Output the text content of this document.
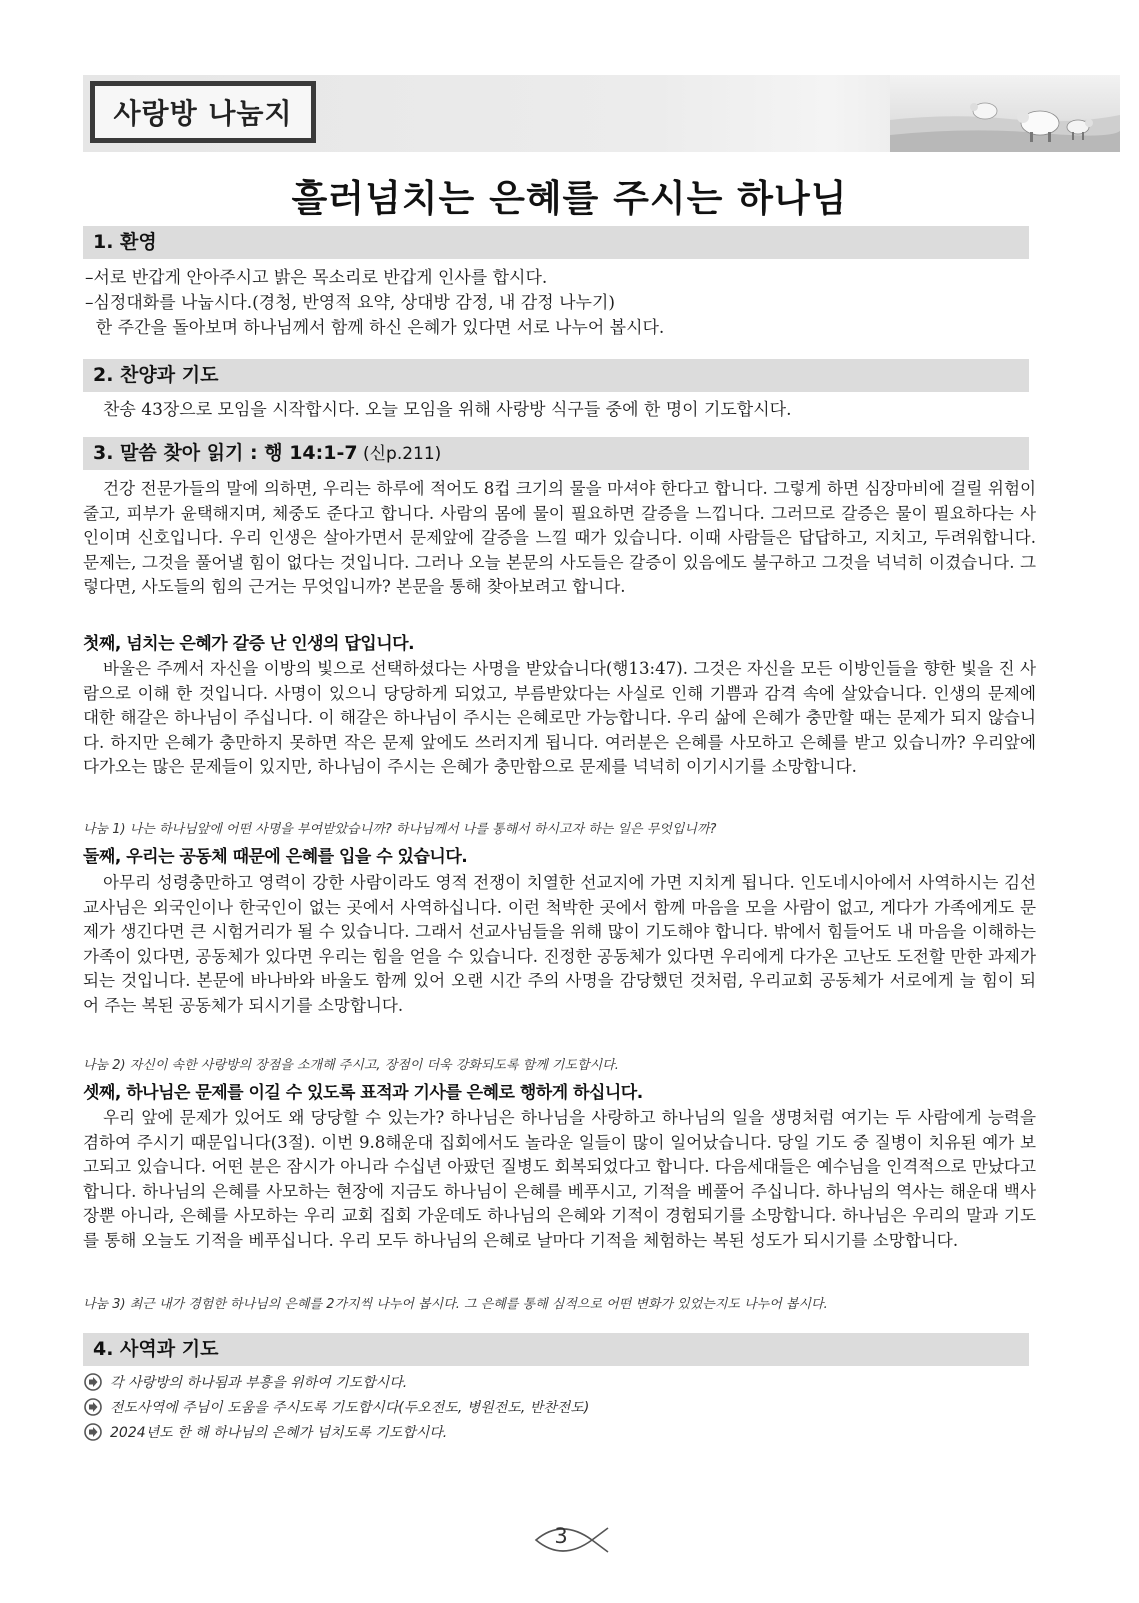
사랑방 나눔지
흘러넘치는 은혜를 주시는 하나님
1. 환영
–서로 반갑게 안아주시고 밝은 목소리로 반갑게 인사를 합시다.
–심정대화를 나눕시다.(경청, 반영적 요약, 상대방 감정, 내 감정 나누기)
한 주간을 돌아보며 하나님께서 함께 하신 은혜가 있다면 서로 나누어 봅시다.
2. 찬양과 기도
찬송 43장으로 모임을 시작합시다. 오늘 모임을 위해 사랑방 식구들 중에 한 명이 기도합시다.
3. 말씀 찾아 읽기 : 행 14:1-7 (신p.211)
건강 전문가들의 말에 의하면, 우리는 하루에 적어도 8컵 크기의 물을 마셔야 한다고 합니다. 그렇게 하면 심장마비에 걸릴 위험이 줄고, 피부가 윤택해지며, 체중도 준다고 합니다. 사람의 몸에 물이 필요하면 갈증을 느낍니다. 그러므로 갈증은 물이 필요하다는 사인이며 신호입니다. 우리 인생은 살아가면서 문제앞에 갈증을 느낄 때가 있습니다. 이때 사람들은 답답하고, 지치고, 두려워합니다. 문제는, 그것을 풀어낼 힘이 없다는 것입니다. 그러나 오늘 본문의 사도들은 갈증이 있음에도 불구하고 그것을 넉넉히 이겼습니다. 그렇다면, 사도들의 힘의 근거는 무엇입니까? 본문을 통해 찾아보려고 합니다.
첫째, 넘치는 은혜가 갈증 난 인생의 답입니다.
바울은 주께서 자신을 이방의 빛으로 선택하셨다는 사명을 받았습니다(행13:47). 그것은 자신을 모든 이방인들을 향한 빛을 진 사람으로 이해 한 것입니다. 사명이 있으니 당당하게 되었고, 부름받았다는 사실로 인해 기쁨과 감격 속에 살았습니다. 인생의 문제에 대한 해갈은 하나님이 주십니다. 이 해갈은 하나님이 주시는 은혜로만 가능합니다. 우리 삶에 은혜가 충만할 때는 문제가 되지 않습니다. 하지만 은혜가 충만하지 못하면 작은 문제 앞에도 쓰러지게 됩니다. 여러분은 은혜를 사모하고 은혜를 받고 있습니까? 우리앞에 다가오는 많은 문제들이 있지만, 하나님이 주시는 은혜가 충만함으로 문제를 넉넉히 이기시기를 소망합니다.
나눔 1) 나는 하나님앞에 어떤 사명을 부여받았습니까? 하나님께서 나를 통해서 하시고자 하는 일은 무엇입니까?
둘째, 우리는 공동체 때문에 은혜를 입을 수 있습니다.
아무리 성령충만하고 영력이 강한 사람이라도 영적 전쟁이 치열한 선교지에 가면 지치게 됩니다. 인도네시아에서 사역하시는 김선교사님은 외국인이나 한국인이 없는 곳에서 사역하십니다. 이런 척박한 곳에서 함께 마음을 모을 사람이 없고, 게다가 가족에게도 문제가 생긴다면 큰 시험거리가 될 수 있습니다. 그래서 선교사님들을 위해 많이 기도해야 합니다. 밖에서 힘들어도 내 마음을 이해하는 가족이 있다면, 공동체가 있다면 우리는 힘을 얻을 수 있습니다. 진정한 공동체가 있다면 우리에게 다가온 고난도 도전할 만한 과제가 되는 것입니다. 본문에 바나바와 바울도 함께 있어 오랜 시간 주의 사명을 감당했던 것처럼, 우리교회 공동체가 서로에게 늘 힘이 되어 주는 복된 공동체가 되시기를 소망합니다.
나눔 2) 자신이 속한 사랑방의 장점을 소개해 주시고, 장점이 더욱 강화되도록 함께 기도합시다.
셋째, 하나님은 문제를 이길 수 있도록 표적과 기사를 은혜로 행하게 하십니다.
우리 앞에 문제가 있어도 왜 당당할 수 있는가? 하나님은 하나님을 사랑하고 하나님의 일을 생명처럼 여기는 두 사람에게 능력을 겸하여 주시기 때문입니다(3절). 이번 9.8해운대 집회에서도 놀라운 일들이 많이 일어났습니다. 당일 기도 중 질병이 치유된 예가 보고되고 있습니다. 어떤 분은 잠시가 아니라 수십년 아팠던 질병도 회복되었다고 합니다. 다음세대들은 예수님을 인격적으로 만났다고 합니다. 하나님의 은혜를 사모하는 현장에 지금도 하나님이 은혜를 베푸시고, 기적을 베풀어 주십니다. 하나님의 역사는 해운대 백사장뿐 아니라, 은혜를 사모하는 우리 교회 집회 가운데도 하나님의 은혜와 기적이 경험되기를 소망합니다. 하나님은 우리의 말과 기도를 통해 오늘도 기적을 베푸십니다. 우리 모두 하나님의 은혜로 날마다 기적을 체험하는 복된 성도가 되시기를 소망합니다.
나눔 3) 최근 내가 경험한 하나님의 은혜를 2가지씩 나누어 봅시다. 그 은혜를 통해 심적으로 어떤 변화가 있었는지도 나누어 봅시다.
4. 사역과 기도
각 사랑방의 하나됨과 부흥을 위하여 기도합시다.
전도사역에 주님이 도움을 주시도록 기도합시다(두오전도, 병원전도, 반찬전도)
2024년도 한 해 하나님의 은혜가 넘치도록 기도합시다.
3
